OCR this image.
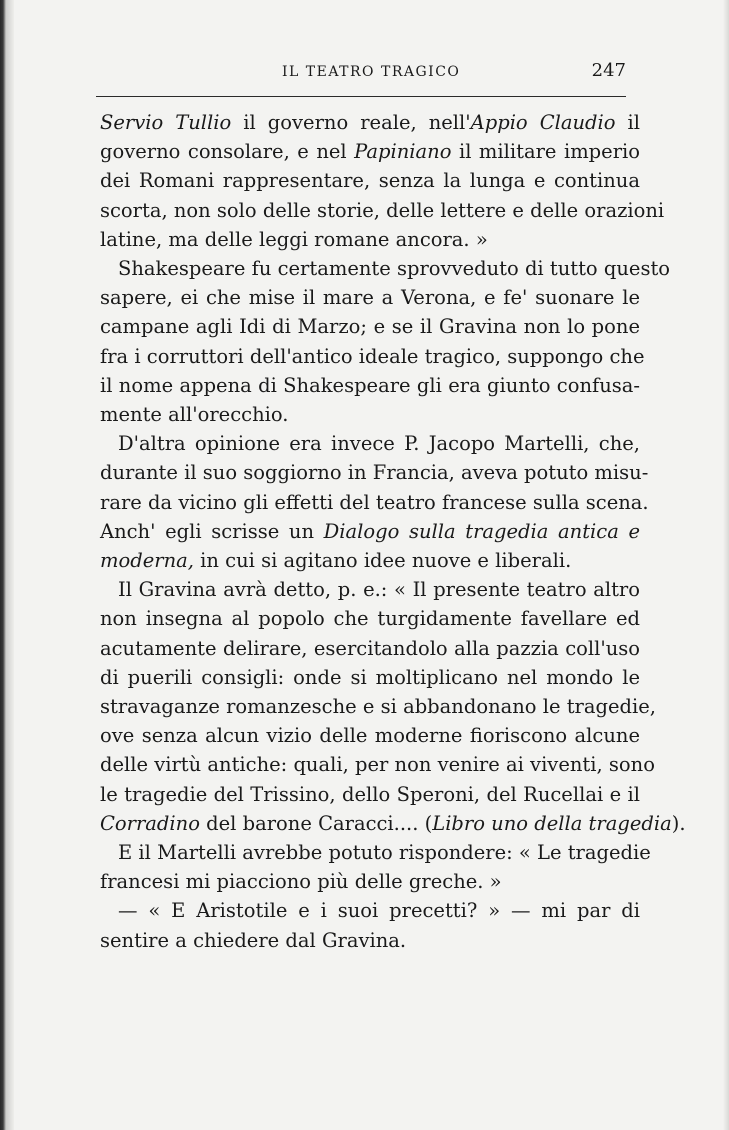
IL TEATRO TRAGICO	247
Servio Tullio il governo reale, nell'Appio Claudio il
governo consolare, e nel Papiniano il militare imperio
dei Romani rappresentare, senza la lunga e continua
scorta, non solo delle storie, delle lettere e delle orazioni
latine, ma delle leggi romane ancora. »
Shakespeare fu certamente sprovveduto di tutto questo
sapere, ei che mise il mare a Verona, e fe' suonare le
campane agli Idi di Marzo; e se il Gravina non lo pone
fra i corruttori dell'antico ideale tragico, suppongo che
il nome appena di Shakespeare gli era giunto confusa-
mente all'orecchio.
D'altra opinione era invece P. Jacopo Martelli, che,
durante il suo soggiorno in Francia, aveva potuto misu-
rare da vicino gli effetti del teatro francese sulla scena.
Anch' egli scrisse un Dialogo sulla tragedia antica e
moderna, in cui si agitano idee nuove e liberali.
Il Gravina avrà detto, p. e.: « Il presente teatro altro
non insegna al popolo che turgidamente favellare ed
acutamente delirare, esercitandolo alla pazzia coll'uso
di puerili consigli: onde si moltiplicano nel mondo le
stravaganze romanzesche e si abbandonano le tragedie,
ove senza alcun vizio delle moderne fioriscono alcune
delle virtù antiche: quali, per non venire ai viventi, sono
le tragedie del Trissino, dello Speroni, del Rucellai e il
Corradino del barone Caracci.... (Libro uno della tragedia).
E il Martelli avrebbe potuto rispondere: « Le tragedie
francesi mi piacciono più delle greche. »
— « E Aristotile e i suoi precetti? » — mi par di
sentire a chiedere dal Gravina.
